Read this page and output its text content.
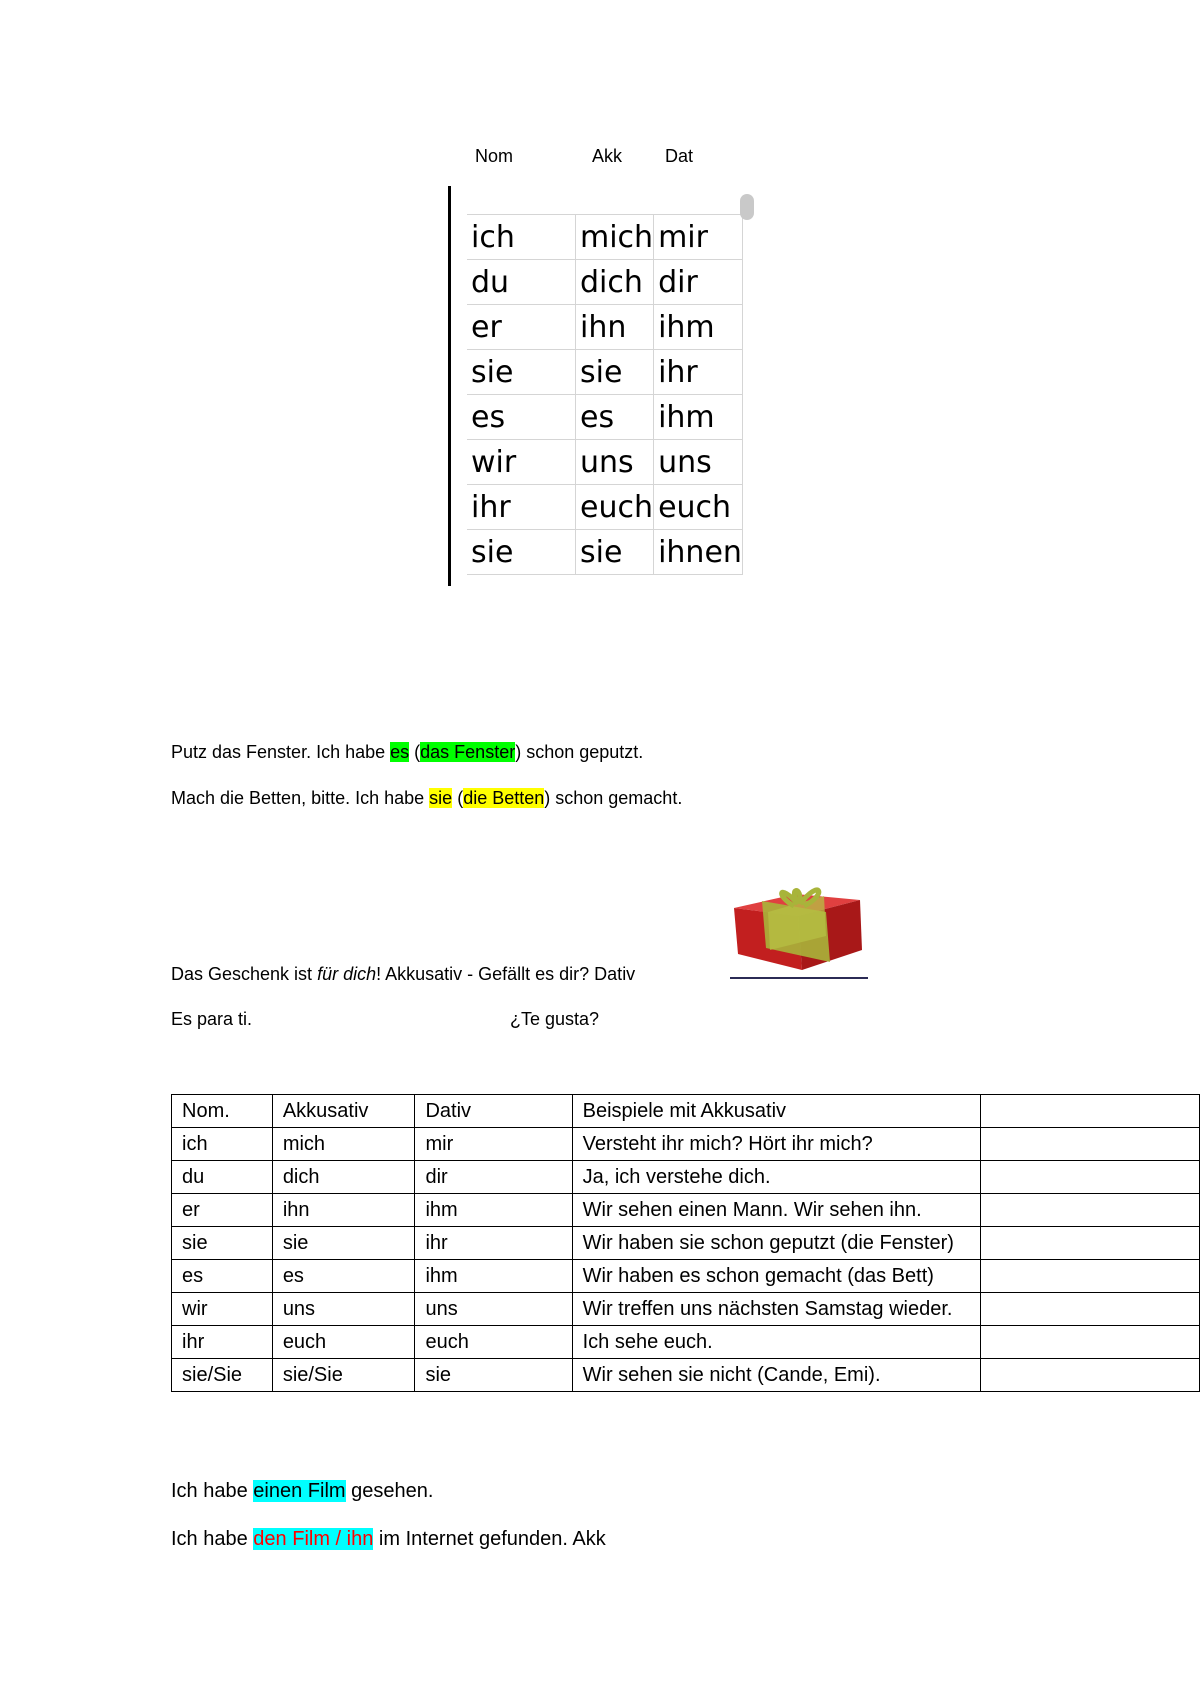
Nom	Akk Dat
ich	mich	mir
du	dich	dir
er	ihn	ihm
sie	sie	ihr
es	es	ihm
wir	uns	uns
ihr	euch	euch
sie	sie	ihnen
Putz das Fenster. Ich habe es (das Fenster) schon geputzt.
Mach die Betten, bitte. Ich habe sie (die Betten) schon gemacht.
Das Geschenk ist für dich! Akkusativ - Gefällt es dir? Dativ
Es para ti.	¿Te gusta?
Nom.	Akkusativ	Dativ	Beispiele mit Akkusativ	
ich	mich	mir	Versteht ihr mich? Hört ihr mich?	
du	dich	dir	Ja, ich verstehe dich.	
er	ihn	ihm	Wir sehen einen Mann. Wir sehen ihn.	
sie	sie	ihr	Wir haben sie schon geputzt (die Fenster)	
es	es	ihm	Wir haben es schon gemacht (das Bett)	
wir	uns	uns	Wir treffen uns nächsten Samstag wieder.	
ihr	euch	euch	Ich sehe euch.	
sie/Sie	sie/Sie	sie	Wir sehen sie nicht (Cande, Emi).	
Ich habe einen Film gesehen.
Ich habe den Film / ihn im Internet gefunden. Akk
